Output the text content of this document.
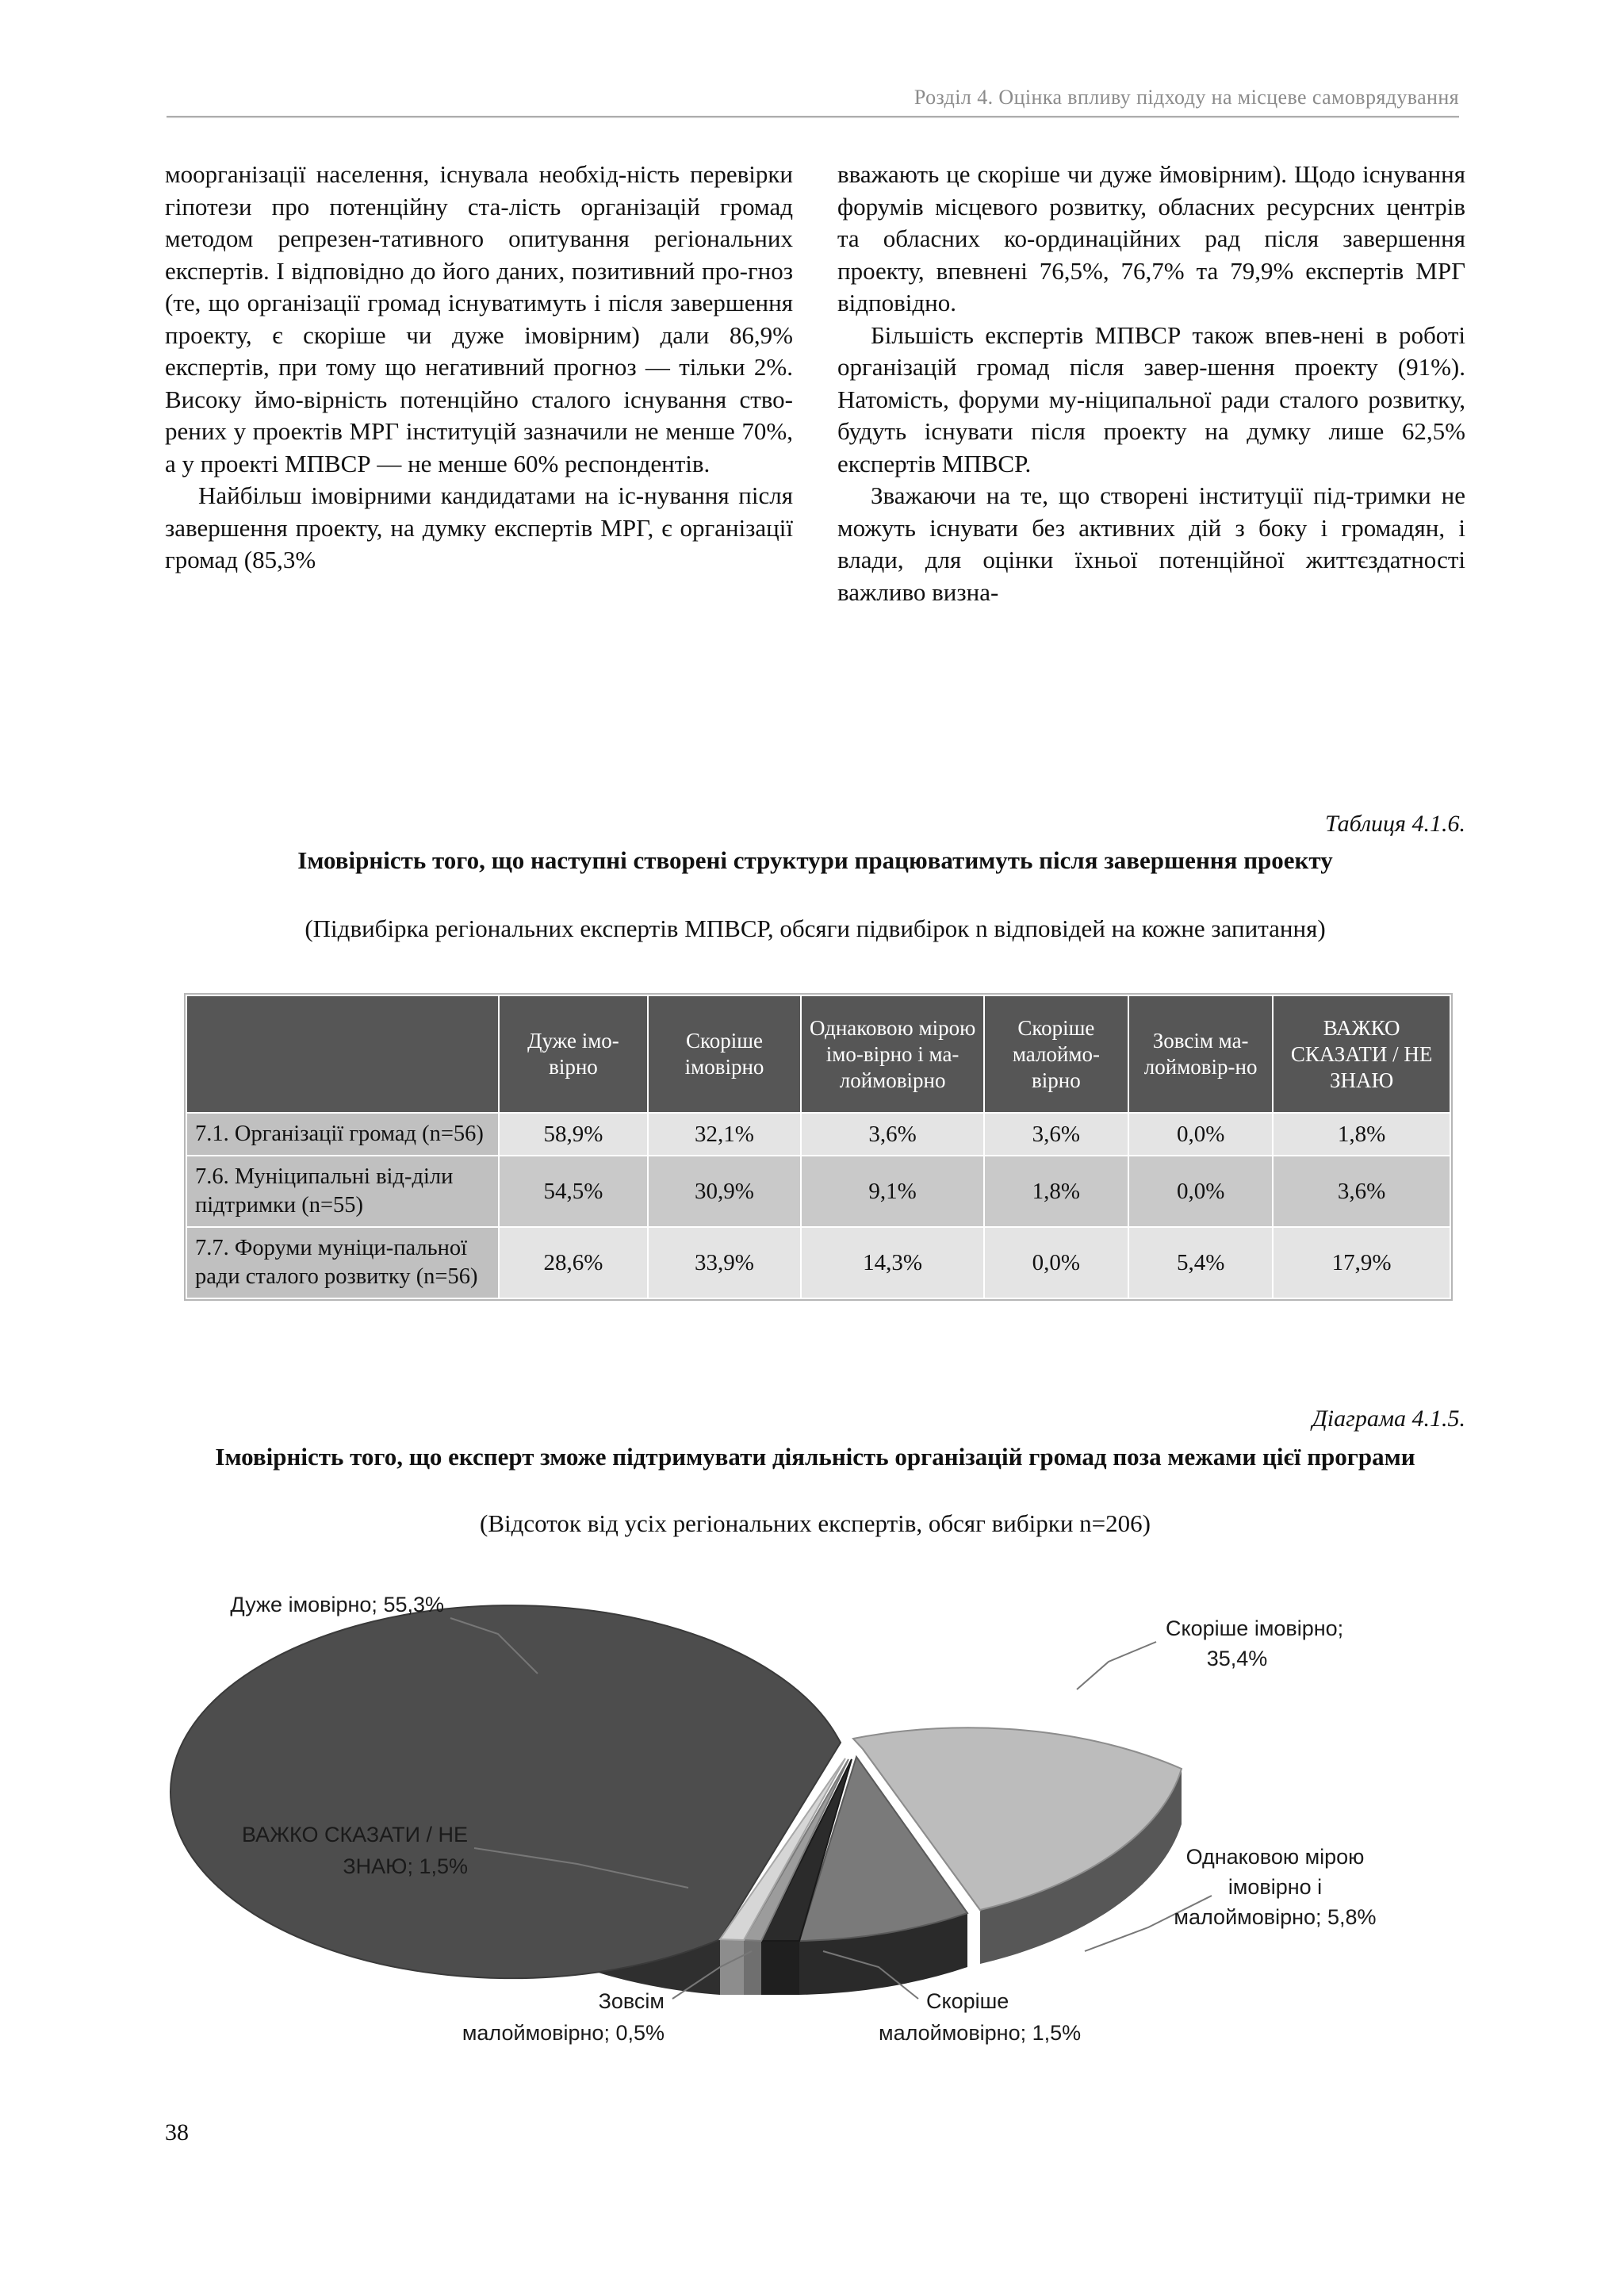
Розділ 4. Оцінка впливу підходу на місцеве самоврядування

моорганізації населення, існувала необхід-ність перевірки гіпотези про потенційну ста-лість організацій громад методом репрезен-тативного опитування регіональних експертів. І відповідно до його даних, позитивний про-гноз (те, що організації громад існуватимуть і після завершення проекту, є скоріше чи дуже імовірним) дали 86,9% експертів, при тому що негативний прогноз — тільки 2%. Високу ймо-вірність потенційно сталого існування ство-рених у проектів МРГ інституцій зазначили не менше 70%, а у проекті МПВСР — не менше 60% респондентів.

Найбільш імовірними кандидатами на іс-нування після завершення проекту, на думку експертів МРГ, є організації громад (85,3%

вважають це скоріше чи дуже ймовірним). Щодо існування форумів місцевого розвитку, обласних ресурсних центрів та обласних ко-ординаційних рад після завершення проекту, впевнені 76,5%, 76,7% та 79,9% експертів МРГ відповідно.

Більшість експертів МПВСР також впев-нені в роботі організацій громад після завер-шення проекту (91%). Натомість, форуми му-ніципальної ради сталого розвитку, будуть існувати після проекту на думку лише 62,5% експертів МПВСР.

Зважаючи на те, що створені інституції під-тримки не можуть існувати без активних дій з боку і громадян, і влади, для оцінки їхньої потенційної життєздатності важливо визна-

Таблиця 4.1.6.
Імовірність того, що наступні створені структури працюватимуть після завершення проекту
(Підвибірка регіональних експертів МПВСР, обсяги підвибірок n відповідей на кожне запитання)
	Дуже імо-вірно	Скоріше імовірно	Однаковою мірою імо-вірно і ма-лоймовірно	Скоріше малоймо-вірно	Зовсім ма-лоймовір-но	ВАЖКО СКАЗАТИ / НЕ ЗНАЮ
7.1. Організації громад (n=56)	58,9%	32,1%	3,6%	3,6%	0,0%	1,8%
7.6. Муніципальні від-діли підтримки (n=55)	54,5%	30,9%	9,1%	1,8%	0,0%	3,6%
7.7. Форуми муніци-пальної ради сталого розвитку (n=56)	28,6%	33,9%	14,3%	0,0%	5,4%	17,9%
Діаграма 4.1.5.
Імовірність того, що експерт зможе підтримувати діяльність організацій громад поза межами цієї програми
(Відсоток від усіх регіональних експертів, обсяг вибірки n=206)
Дуже імовірно; 55,3%
Скоріше імовірно;
35,4%
Однаковою мірою
імовірно і
малоймовірно; 5,8%
Скоріше
малоймовірно; 1,5%
Зовсім
малоймовірно; 0,5%
ВАЖКО СКАЗАТИ / НЕ
ЗНАЮ; 1,5%
38
